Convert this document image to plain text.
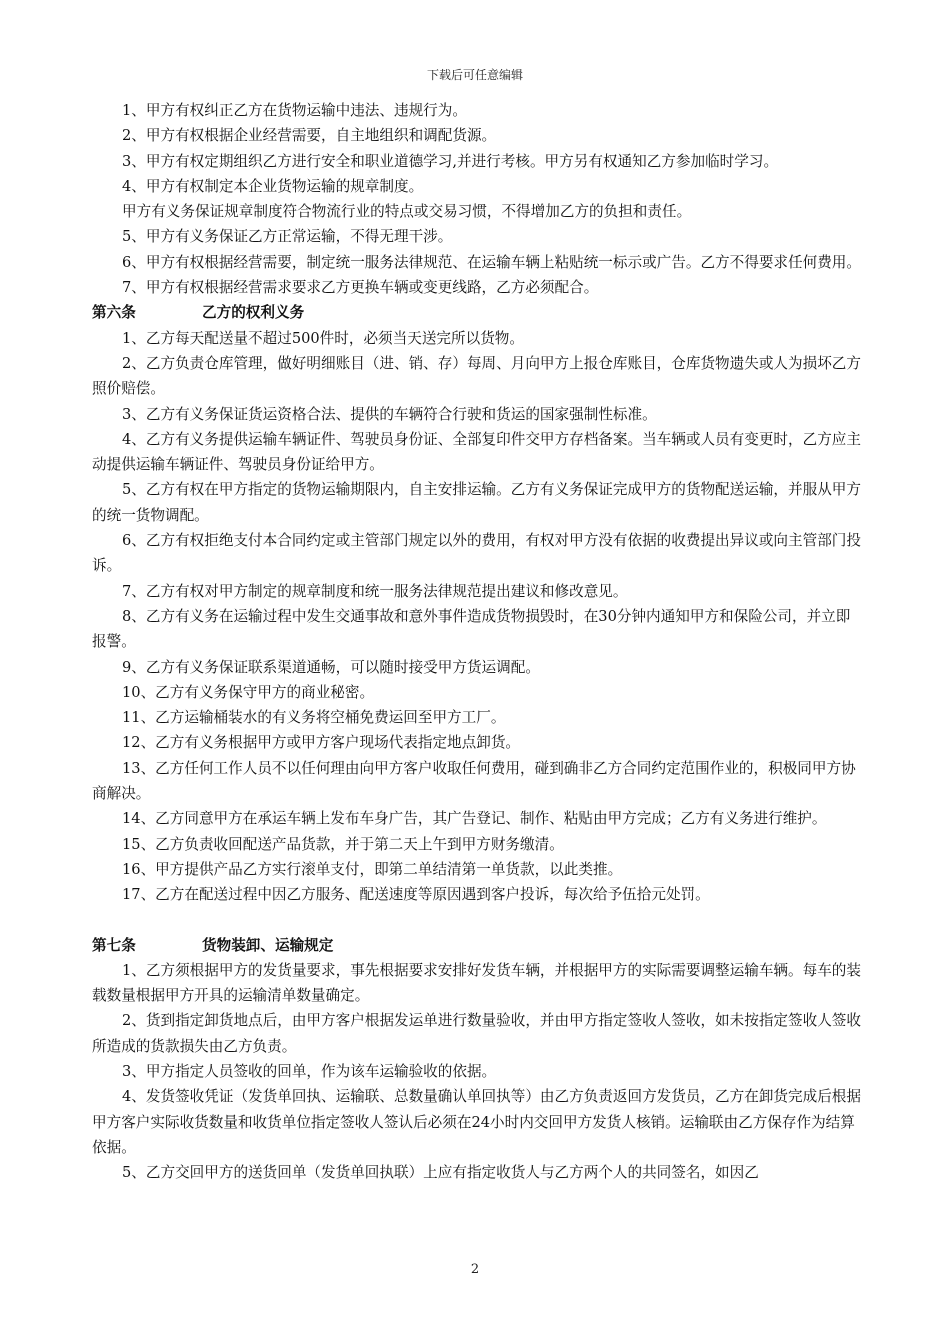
下载后可任意编辑

1、甲方有权纠正乙方在货物运输中违法、违规行为。

2、甲方有权根据企业经营需要，自主地组织和调配货源。

3、甲方有权定期组织乙方进行安全和职业道德学习,并进行考核。甲方另有权通知乙方参加临时学习。

4、甲方有权制定本企业货物运输的规章制度。

甲方有义务保证规章制度符合物流行业的特点或交易习惯，不得增加乙方的负担和责任。

5、甲方有义务保证乙方正常运输，不得无理干涉。

6、甲方有权根据经营需要，制定统一服务法律规范、在运输车辆上粘贴统一标示或广告。乙方不得要求任何费用。

7、甲方有权根据经营需求要求乙方更换车辆或变更线路，乙方必须配合。

第六条	乙方的权利义务

1、乙方每天配送量不超过500件时，必须当天送完所以货物。

2、乙方负责仓库管理，做好明细账目（进、销、存）每周、月向甲方上报仓库账目，仓库货物遗失或人为损坏乙方照价赔偿。

3、乙方有义务保证货运资格合法、提供的车辆符合行驶和货运的国家强制性标准。

4、乙方有义务提供运输车辆证件、驾驶员身份证、全部复印件交甲方存档备案。当车辆或人员有变更时，乙方应主动提供运输车辆证件、驾驶员身份证给甲方。

5、乙方有权在甲方指定的货物运输期限内，自主安排运输。乙方有义务保证完成甲方的货物配送运输，并服从甲方的统一货物调配。

6、乙方有权拒绝支付本合同约定或主管部门规定以外的费用，有权对甲方没有依据的收费提出异议或向主管部门投诉。

7、乙方有权对甲方制定的规章制度和统一服务法律规范提出建议和修改意见。

8、乙方有义务在运输过程中发生交通事故和意外事件造成货物损毁时，在30分钟内通知甲方和保险公司，并立即报警。

9、乙方有义务保证联系渠道通畅，可以随时接受甲方货运调配。

10、乙方有义务保守甲方的商业秘密。

11、乙方运输桶装水的有义务将空桶免费运回至甲方工厂。

12、乙方有义务根据甲方或甲方客户现场代表指定地点卸货。

13、乙方任何工作人员不以任何理由向甲方客户收取任何费用，碰到确非乙方合同约定范围作业的，积极同甲方协商解决。

14、乙方同意甲方在承运车辆上发布车身广告，其广告登记、制作、粘贴由甲方完成；乙方有义务进行维护。

15、乙方负责收回配送产品货款，并于第二天上午到甲方财务缴清。

16、甲方提供产品乙方实行滚单支付，即第二单结清第一单货款，以此类推。

17、乙方在配送过程中因乙方服务、配送速度等原因遇到客户投诉，每次给予伍拾元处罚。

第七条	货物装卸、运输规定

1、乙方须根据甲方的发货量要求，事先根据要求安排好发货车辆，并根据甲方的实际需要调整运输车辆。每车的装载数量根据甲方开具的运输清单数量确定。

2、货到指定卸货地点后，由甲方客户根据发运单进行数量验收，并由甲方指定签收人签收，如未按指定签收人签收所造成的货款损失由乙方负责。

3、甲方指定人员签收的回单，作为该车运输验收的依据。

4、发货签收凭证（发货单回执、运输联、总数量确认单回执等）由乙方负责返回方发货员，乙方在卸货完成后根据甲方客户实际收货数量和收货单位指定签收人签认后必须在24小时内交回甲方发货人核销。运输联由乙方保存作为结算依据。

5、乙方交回甲方的送货回单（发货单回执联）上应有指定收货人与乙方两个人的共同签名，如因乙

2
